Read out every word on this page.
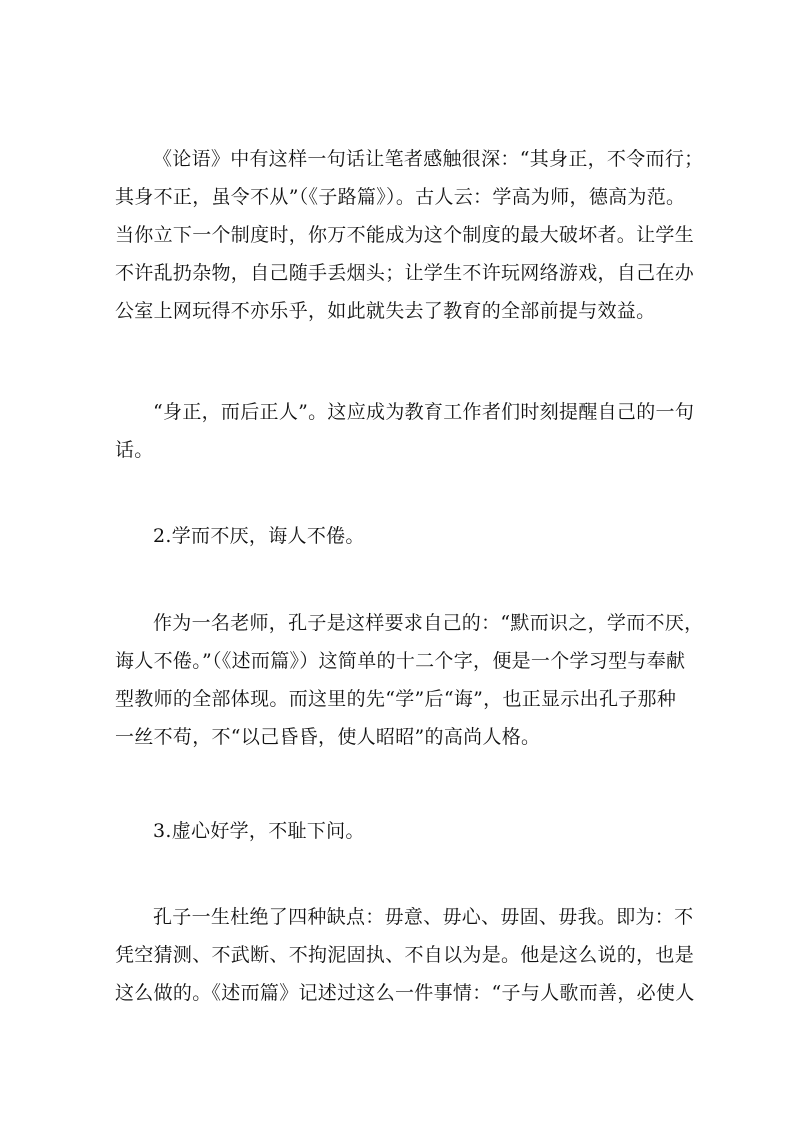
《论语》中有这样一句话让笔者感触很深：“其身正，不令而行；
其身不正，虽令不从”（《子路篇》）。古人云：学高为师，德高为范。
当你立下一个制度时，你万不能成为这个制度的最大破坏者。让学生
不许乱扔杂物，自己随手丢烟头；让学生不许玩网络游戏，自己在办
公室上网玩得不亦乐乎，如此就失去了教育的全部前提与效益。
“身正，而后正人”。这应成为教育工作者们时刻提醒自己的一句
话。
2.学而不厌，诲人不倦。
作为一名老师，孔子是这样要求自己的：“默而识之，学而不厌，
诲人不倦。”（《述而篇》）这简单的十二个字，便是一个学习型与奉献
型教师的全部体现。而这里的先“学”后“诲”，也正显示出孔子那种
一丝不苟，不“以己昏昏，使人昭昭”的高尚人格。
3.虚心好学，不耻下问。
孔子一生杜绝了四种缺点：毋意、毋心、毋固、毋我。即为：不
凭空猜测、不武断、不拘泥固执、不自以为是。他是这么说的，也是
这么做的。《述而篇》记述过这么一件事情：“子与人歌而善，必使人
